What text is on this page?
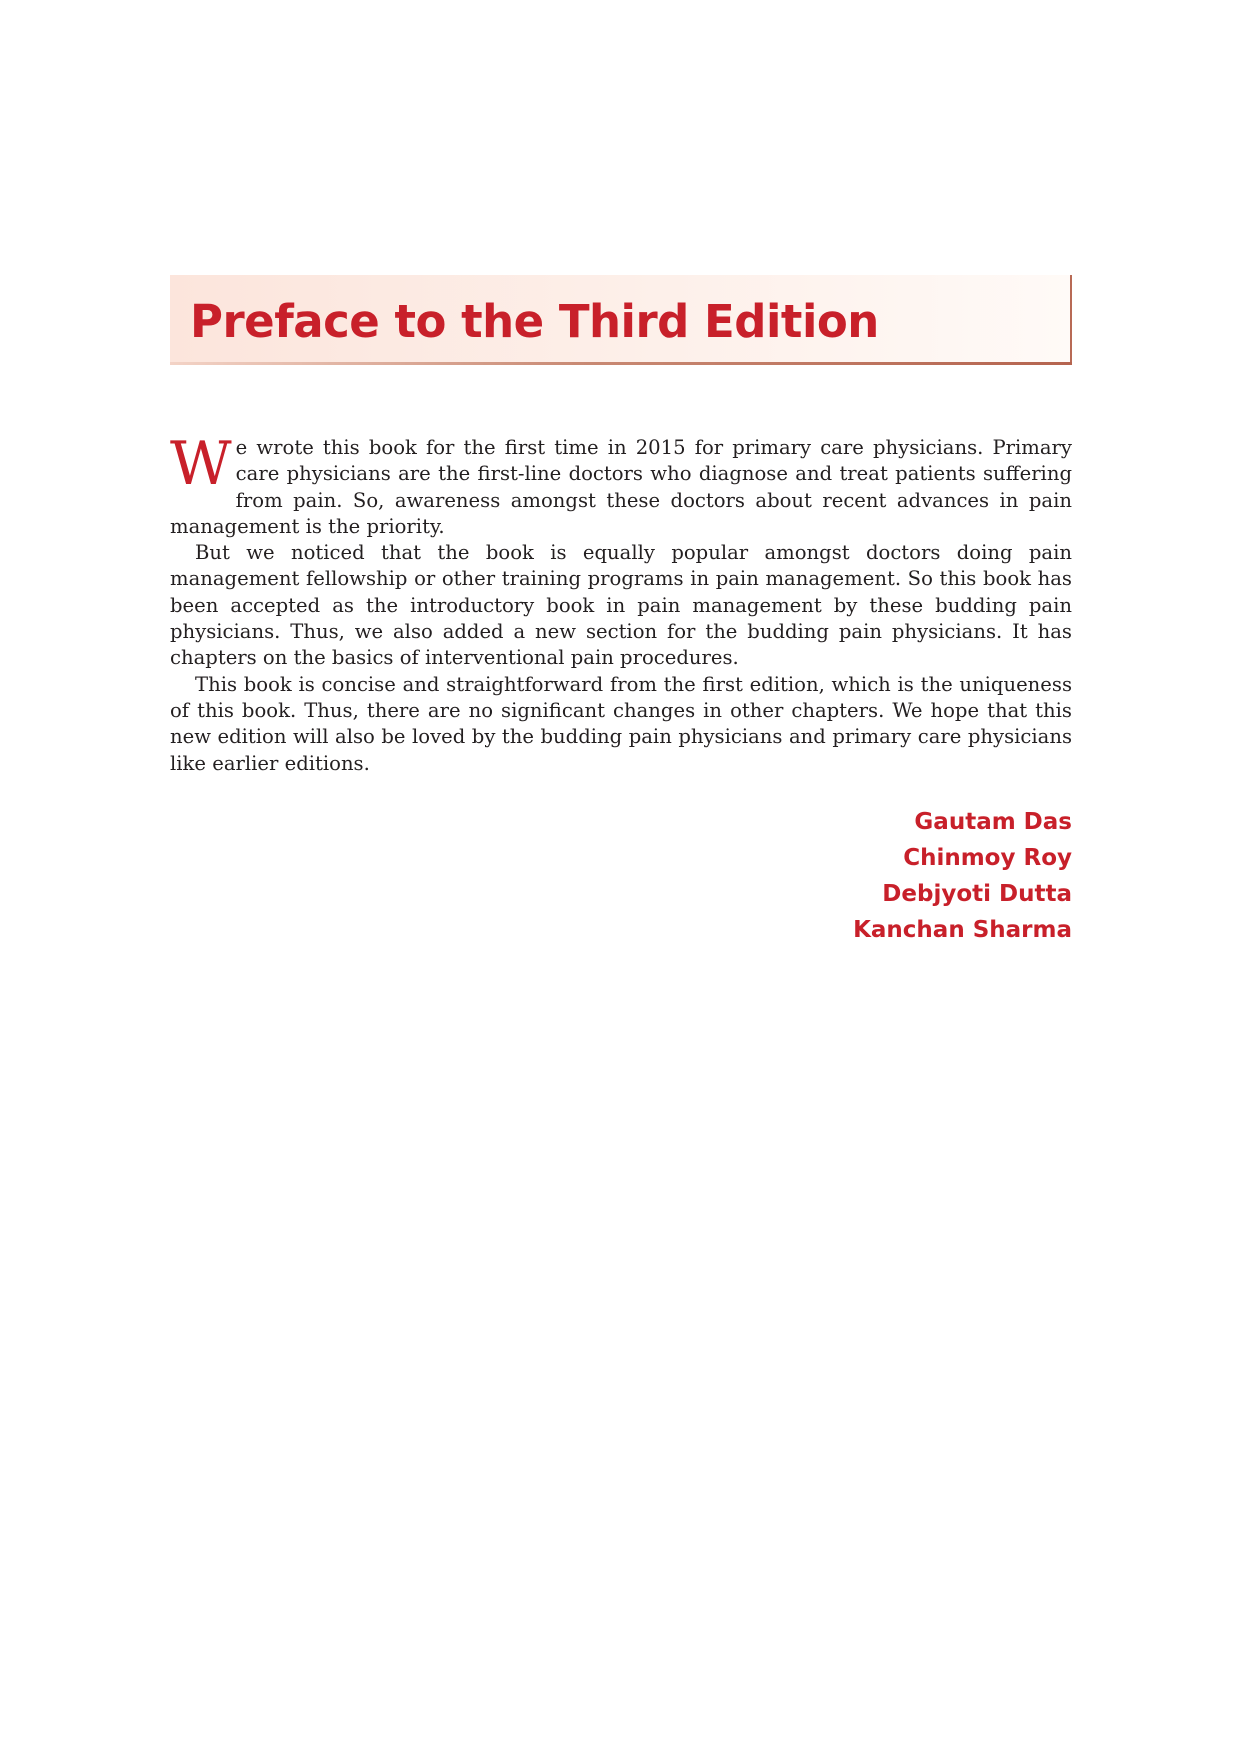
Preface to the Third Edition

We wrote this book for the first time in 2015 for primary care physicians. Primary care physicians are the first-line doctors who diagnose and treat patients suffering from pain. So, awareness amongst these doctors about recent advances in pain management is the priority.

But we noticed that the book is equally popular amongst doctors doing pain management fellowship or other training programs in pain management. So this book has been accepted as the introductory book in pain management by these budding pain physicians. Thus, we also added a new section for the budding pain physicians. It has chapters on the basics of interventional pain procedures.

This book is concise and straightforward from the first edition, which is the uniqueness of this book. Thus, there are no significant changes in other chapters. We hope that this new edition will also be loved by the budding pain physicians and primary care physicians like earlier editions.

Gautam Das
Chinmoy Roy
Debjyoti Dutta
Kanchan Sharma
